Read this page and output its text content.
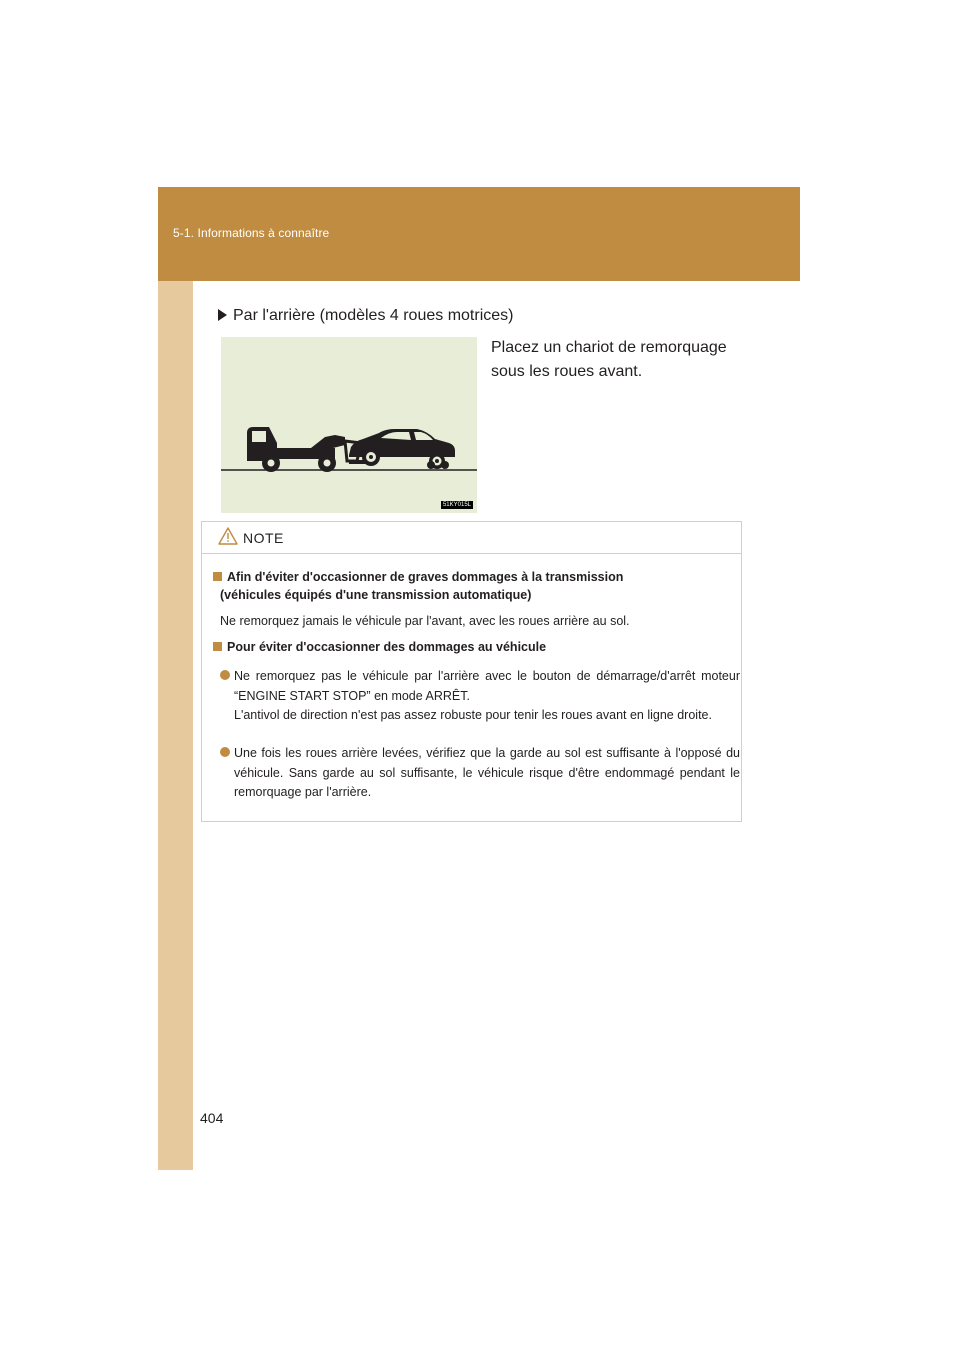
5-1. Informations à connaître
Par l'arrière (modèles 4 roues motrices)
51KY015L
Placez un chariot de remorquage sous les roues avant.
NOTE
Afin d'éviter d'occasionner de graves dommages à la transmission
(véhicules équipés d'une transmission automatique)
Ne remorquez jamais le véhicule par l'avant, avec les roues arrière au sol.
Pour éviter d'occasionner des dommages au véhicule
Ne remorquez pas le véhicule par l'arrière avec le bouton de démarrage/d'arrêt moteur “ENGINE START STOP” en mode ARRÊT.
L'antivol de direction n'est pas assez robuste pour tenir les roues avant en ligne droite.
Une fois les roues arrière levées, vérifiez que la garde au sol est suffisante à l'opposé du véhicule. Sans garde au sol suffisante, le véhicule risque d'être endommagé pendant le remorquage par l'arrière.
404
